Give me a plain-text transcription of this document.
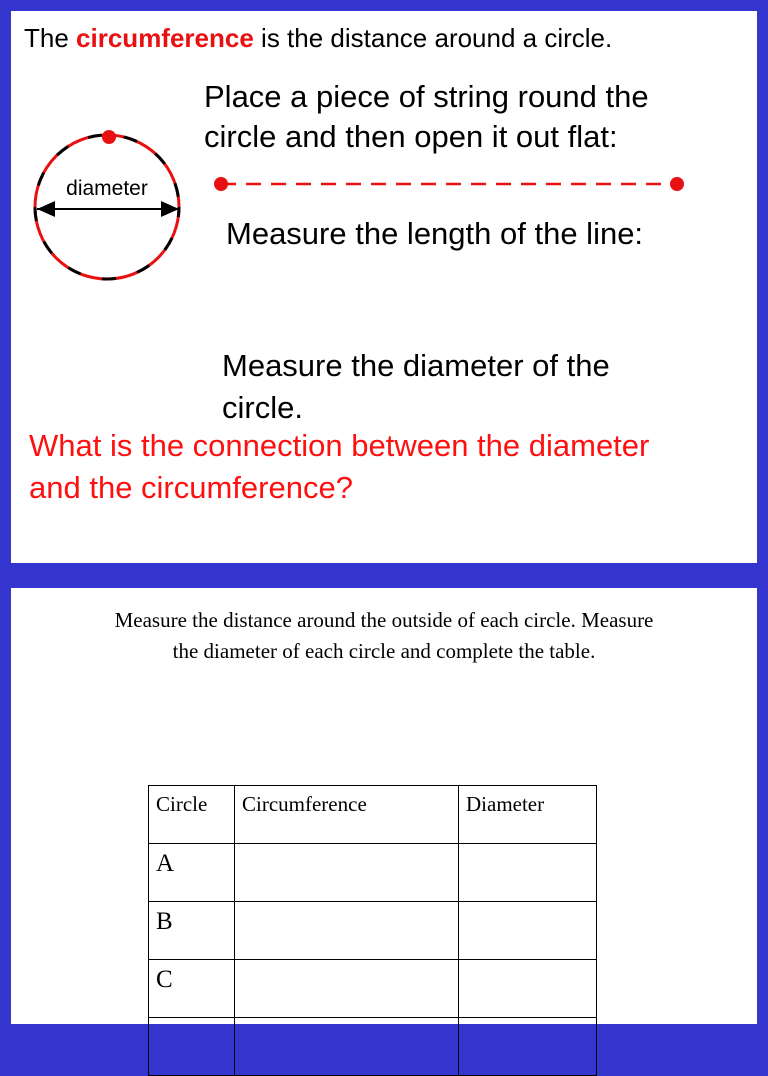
The circumference is the distance around a circle.
diameter
Place a piece of string round the
circle and then open it out flat:
Measure the length of the line:
Measure the diameter of the
circle.
What is the connection between the diameter
and the circumference?
Measure the distance around the outside of each circle. Measure
the diameter of each circle and complete the table.
Circle	Circumference	Diameter
A		
B		
C		
